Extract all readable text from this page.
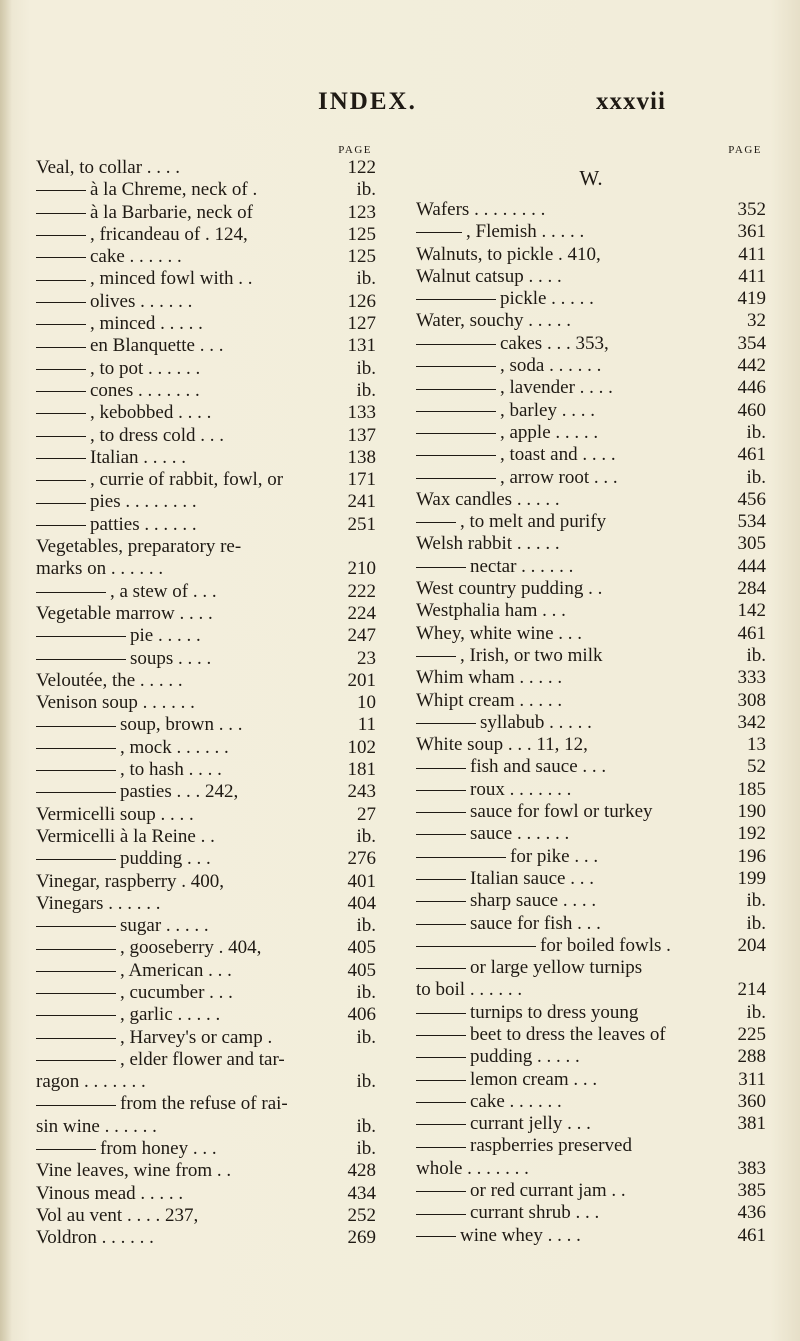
INDEX.	xxxvii
PAGE
Veal, to collar . . . .	122
à la Chreme, neck of .	ib.
à la Barbarie, neck of	123
, fricandeau of . 124,	125
cake . . . . . .	125
, minced fowl with . .	ib.
olives . . . . . .	126
, minced . . . . .	127
en Blanquette . . .	131
, to pot . . . . . .	ib.
cones . . . . . . .	ib.
, kebobbed . . . .	133
, to dress cold . . .	137
Italian . . . . .	138
, currie of rabbit, fowl, or	171
pies . . . . . . . .	241
patties . . . . . .	251
Vegetables, preparatory re-
marks on . . . . . .	210
, a stew of . . .	222
Vegetable marrow . . . .	224
pie . . . . .	247
soups . . . .	23
Veloutée, the . . . . .	201
Venison soup . . . . . .	10
soup, brown . . .	11
, mock . . . . . .	102
, to hash . . . .	181
pasties . . . 242,	243
Vermicelli soup . . . .	27
Vermicelli à la Reine . .	ib.
pudding . . .	276
Vinegar, raspberry . 400,	401
Vinegars . . . . . .	404
sugar . . . . .	ib.
, gooseberry . 404,	405
, American . . .	405
, cucumber . . .	ib.
, garlic . . . . .	406
, Harvey's or camp .	ib.
, elder flower and tar-
ragon . . . . . . .	ib.
from the refuse of rai-
sin wine . . . . . .	ib.
from honey . . .	ib.
Vine leaves, wine from . .	428
Vinous mead . . . . .	434
Vol au vent . . . . 237,	252
Voldron . . . . . .	269
PAGE
W.
Wafers . . . . . . . .	352
, Flemish . . . . .	361
Walnuts, to pickle . 410,	411
Walnut catsup . . . .	411
pickle . . . . .	419
Water, souchy . . . . .	32
cakes . . . 353,	354
, soda . . . . . .	442
, lavender . . . .	446
, barley . . . .	460
, apple . . . . .	ib.
, toast and . . . .	461
, arrow root . . .	ib.
Wax candles . . . . .	456
, to melt and purify	534
Welsh rabbit . . . . .	305
nectar . . . . . .	444
West country pudding . .	284
Westphalia ham . . .	142
Whey, white wine . . .	461
, Irish, or two milk	ib.
Whim wham . . . . .	333
Whipt cream . . . . .	308
syllabub . . . . .	342
White soup . . . 11, 12,	13
fish and sauce . . .	52
roux . . . . . . .	185
sauce for fowl or turkey	190
sauce . . . . . .	192
for pike . . .	196
Italian sauce . . .	199
sharp sauce . . . .	ib.
sauce for fish . . .	ib.
for boiled fowls .	204
or large yellow turnips
to boil . . . . . .	214
turnips to dress young	ib.
beet to dress the leaves of	225
pudding . . . . .	288
lemon cream . . .	311
cake . . . . . .	360
currant jelly . . .	381
raspberries preserved
whole . . . . . . .	383
or red currant jam . .	385
currant shrub . . .	436
wine whey . . . .	461
